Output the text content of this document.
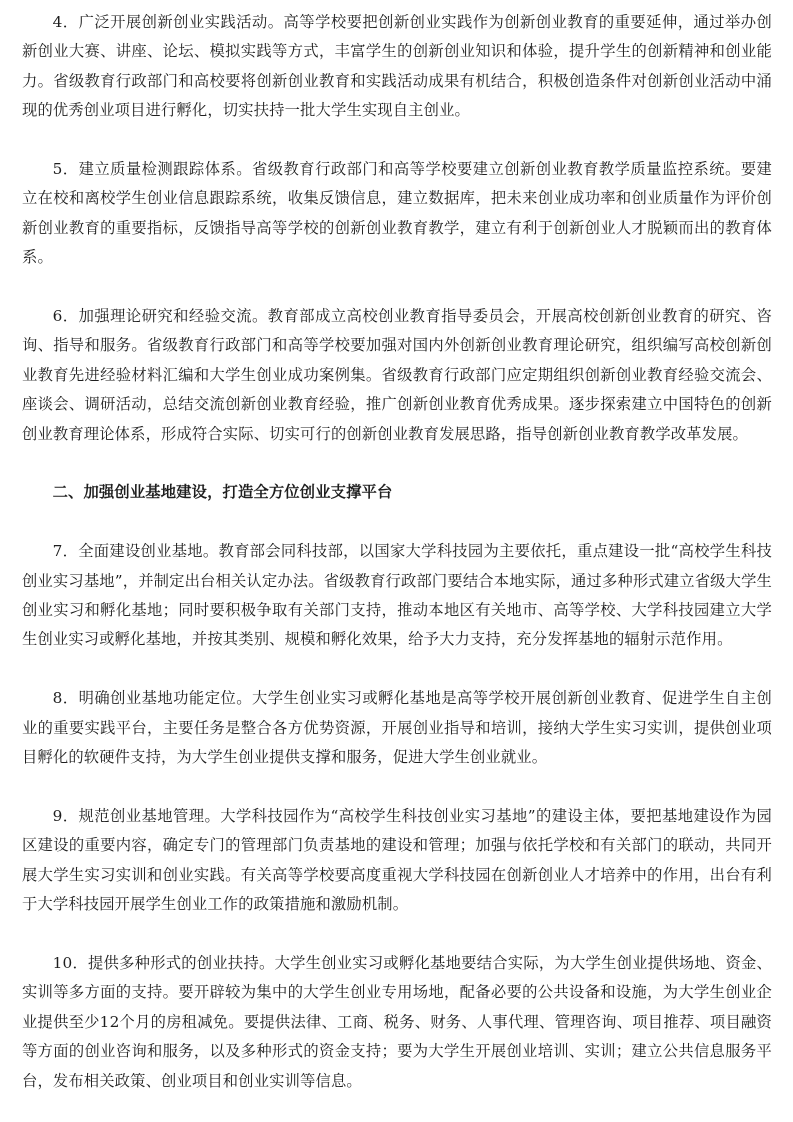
4．广泛开展创新创业实践活动。高等学校要把创新创业实践作为创新创业教育的重要延伸，通过举办创新创业大赛、讲座、论坛、模拟实践等方式，丰富学生的创新创业知识和体验，提升学生的创新精神和创业能力。省级教育行政部门和高校要将创新创业教育和实践活动成果有机结合，积极创造条件对创新创业活动中涌现的优秀创业项目进行孵化，切实扶持一批大学生实现自主创业。

5．建立质量检测跟踪体系。省级教育行政部门和高等学校要建立创新创业教育教学质量监控系统。要建立在校和离校学生创业信息跟踪系统，收集反馈信息，建立数据库，把未来创业成功率和创业质量作为评价创新创业教育的重要指标，反馈指导高等学校的创新创业教育教学，建立有利于创新创业人才脱颖而出的教育体系。

6．加强理论研究和经验交流。教育部成立高校创业教育指导委员会，开展高校创新创业教育的研究、咨询、指导和服务。省级教育行政部门和高等学校要加强对国内外创新创业教育理论研究，组织编写高校创新创业教育先进经验材料汇编和大学生创业成功案例集。省级教育行政部门应定期组织创新创业教育经验交流会、座谈会、调研活动，总结交流创新创业教育经验，推广创新创业教育优秀成果。逐步探索建立中国特色的创新创业教育理论体系，形成符合实际、切实可行的创新创业教育发展思路，指导创新创业教育教学改革发展。

二、加强创业基地建设，打造全方位创业支撑平台

7．全面建设创业基地。教育部会同科技部，以国家大学科技园为主要依托，重点建设一批“高校学生科技创业实习基地”，并制定出台相关认定办法。省级教育行政部门要结合本地实际，通过多种形式建立省级大学生创业实习和孵化基地；同时要积极争取有关部门支持，推动本地区有关地市、高等学校、大学科技园建立大学生创业实习或孵化基地，并按其类别、规模和孵化效果，给予大力支持，充分发挥基地的辐射示范作用。

8．明确创业基地功能定位。大学生创业实习或孵化基地是高等学校开展创新创业教育、促进学生自主创业的重要实践平台，主要任务是整合各方优势资源，开展创业指导和培训，接纳大学生实习实训，提供创业项目孵化的软硬件支持，为大学生创业提供支撑和服务，促进大学生创业就业。

9．规范创业基地管理。大学科技园作为“高校学生科技创业实习基地”的建设主体，要把基地建设作为园区建设的重要内容，确定专门的管理部门负责基地的建设和管理；加强与依托学校和有关部门的联动，共同开展大学生实习实训和创业实践。有关高等学校要高度重视大学科技园在创新创业人才培养中的作用，出台有利于大学科技园开展学生创业工作的政策措施和激励机制。

10．提供多种形式的创业扶持。大学生创业实习或孵化基地要结合实际，为大学生创业提供场地、资金、实训等多方面的支持。要开辟较为集中的大学生创业专用场地，配备必要的公共设备和设施，为大学生创业企业提供至少12个月的房租减免。要提供法律、工商、税务、财务、人事代理、管理咨询、项目推荐、项目融资等方面的创业咨询和服务，以及多种形式的资金支持；要为大学生开展创业培训、实训；建立公共信息服务平台，发布相关政策、创业项目和创业实训等信息。
